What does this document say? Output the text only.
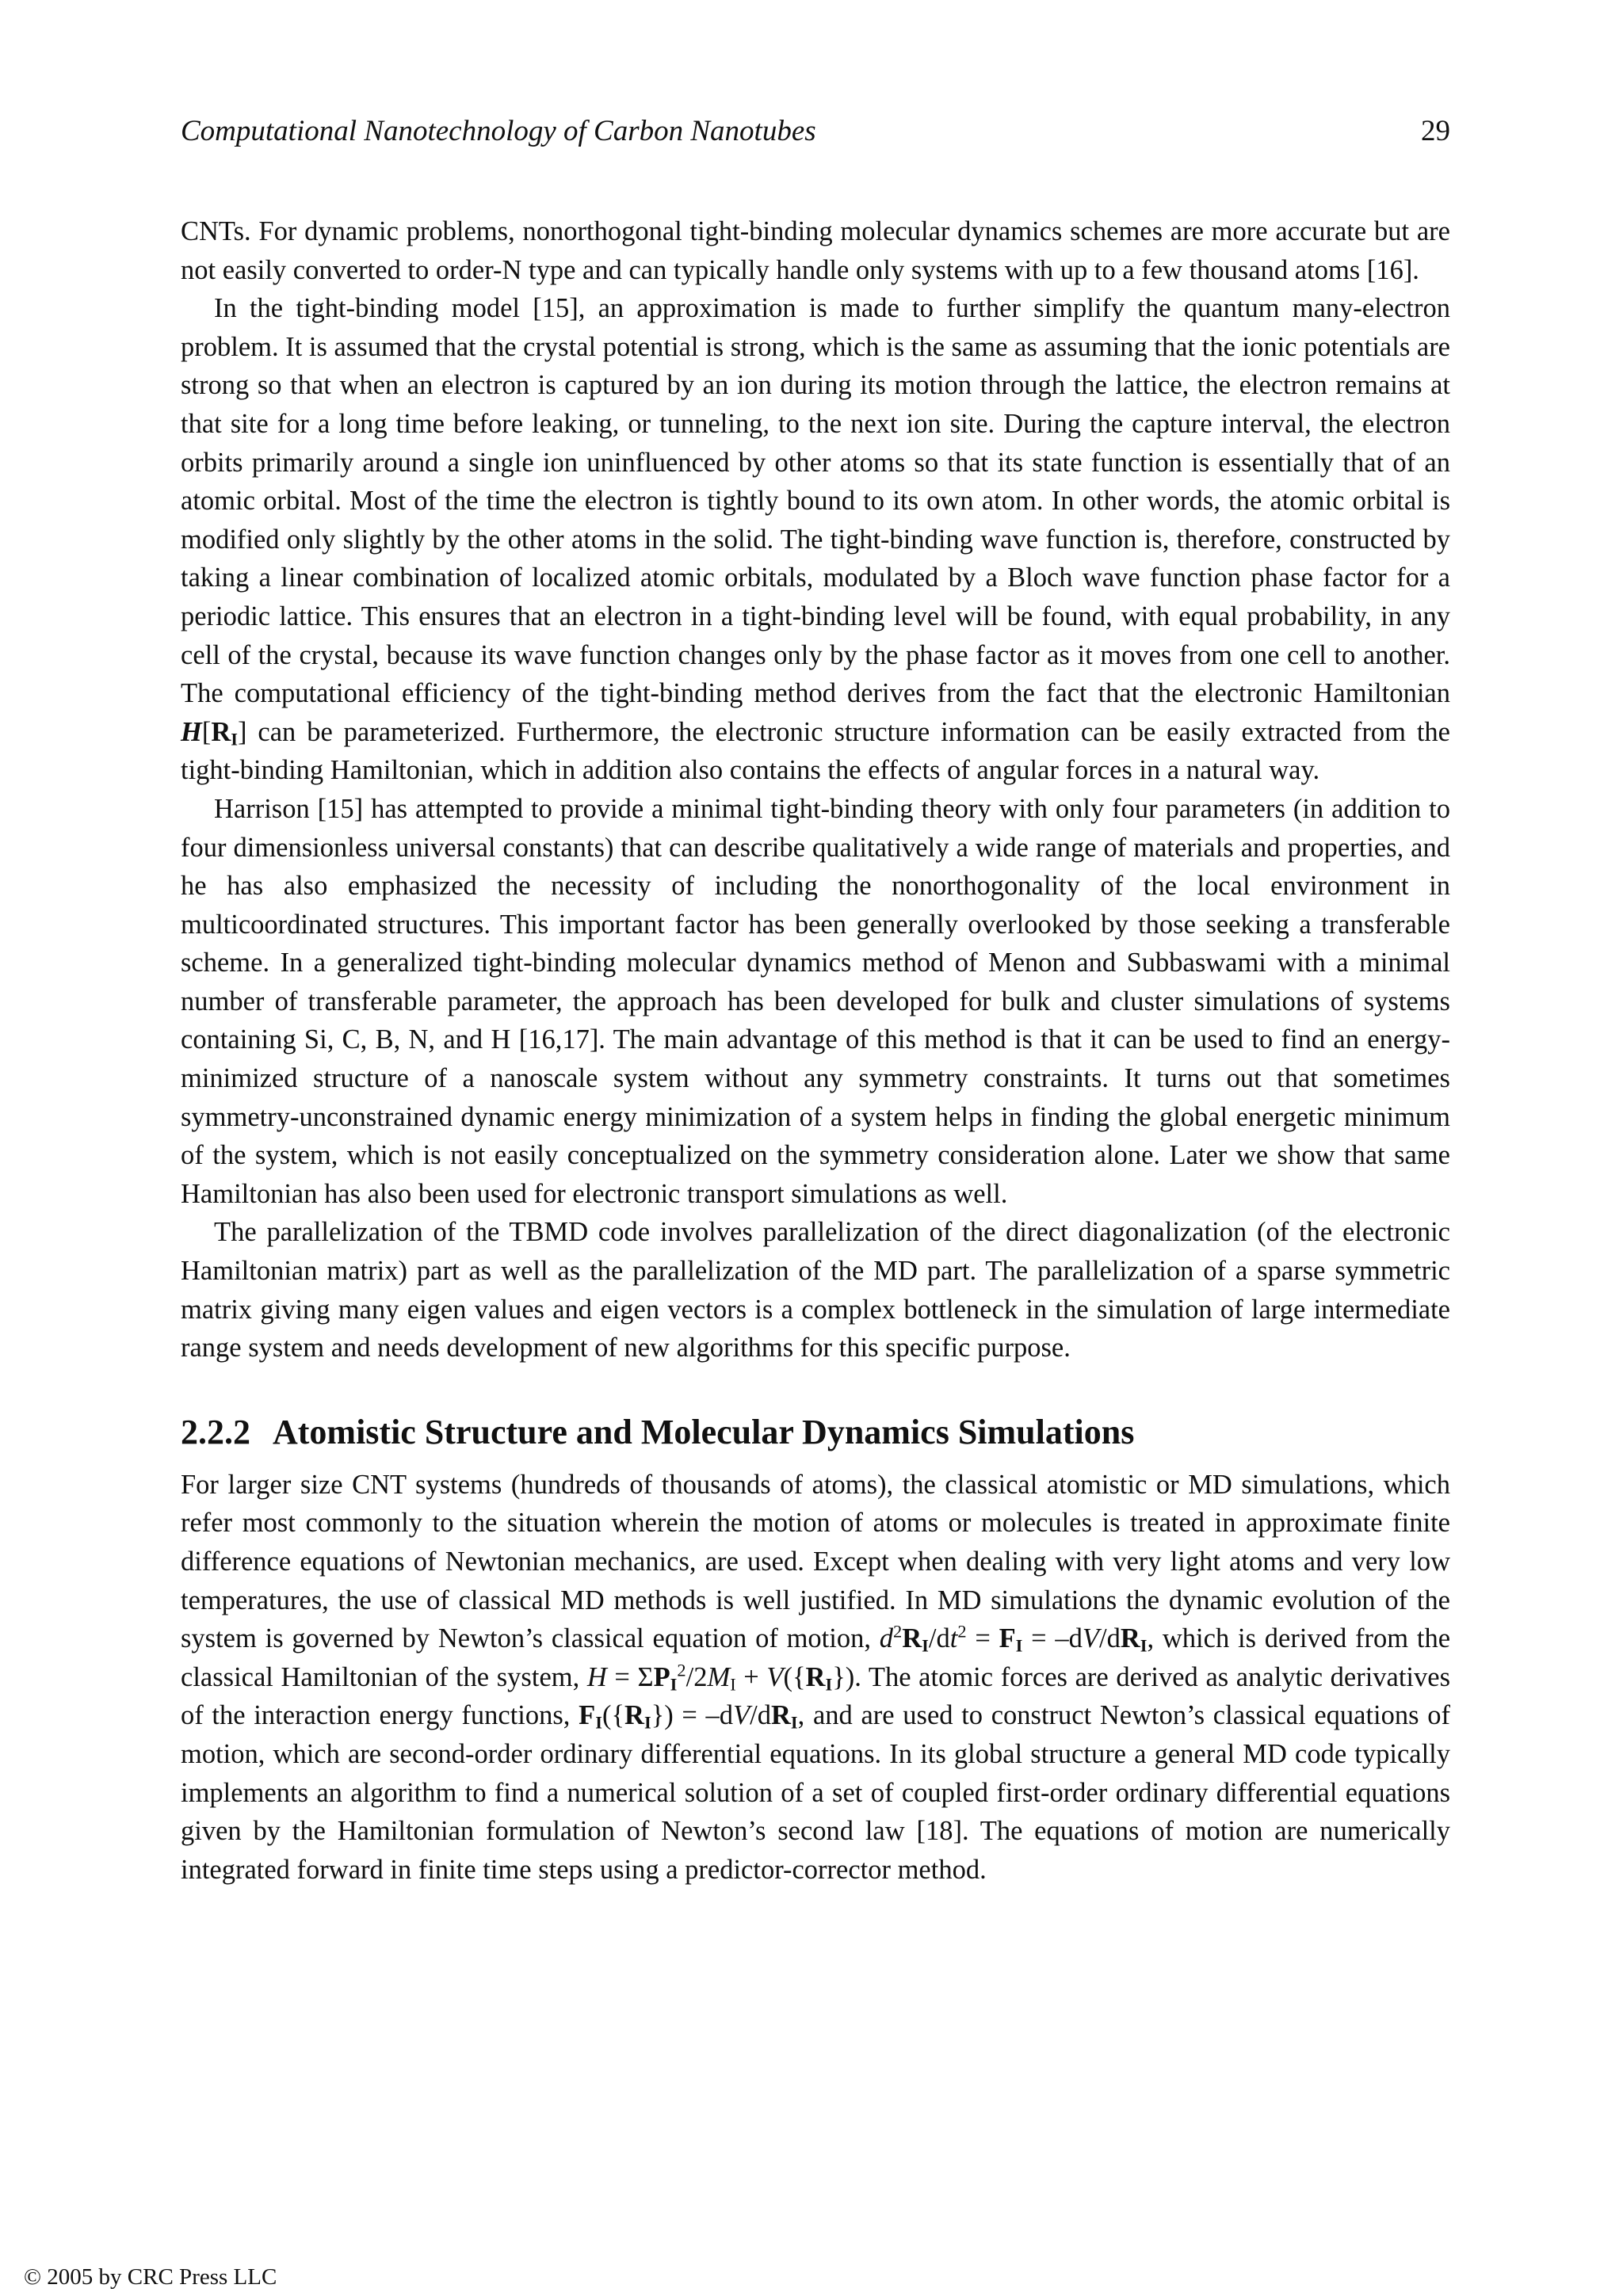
Computational Nanotechnology of Carbon Nanotubes	29

CNTs. For dynamic problems, nonorthogonal tight-binding molecular dynamics schemes are more accurate but are not easily converted to order-N type and can typically handle only systems with up to a few thousand atoms [16].

In the tight-binding model [15], an approximation is made to further simplify the quantum many-electron problem. It is assumed that the crystal potential is strong, which is the same as assuming that the ionic potentials are strong so that when an electron is captured by an ion during its motion through the lattice, the electron remains at that site for a long time before leaking, or tunneling, to the next ion site. During the capture interval, the electron orbits primarily around a single ion uninfluenced by other atoms so that its state function is essentially that of an atomic orbital. Most of the time the electron is tightly bound to its own atom. In other words, the atomic orbital is modified only slightly by the other atoms in the solid. The tight-binding wave function is, therefore, constructed by taking a linear combination of localized atomic orbitals, modulated by a Bloch wave function phase factor for a periodic lattice. This ensures that an electron in a tight-binding level will be found, with equal probability, in any cell of the crystal, because its wave function changes only by the phase factor as it moves from one cell to another. The computational efficiency of the tight-binding method derives from the fact that the electronic Hamiltonian $H[R_I]$ can be parameterized. Furthermore, the electronic structure information can be easily extracted from the tight-binding Hamiltonian, which in addition also contains the effects of angular forces in a natural way.

Harrison [15] has attempted to provide a minimal tight-binding theory with only four parameters (in addition to four dimensionless universal constants) that can describe qualitatively a wide range of materials and properties, and he has also emphasized the necessity of including the nonorthogonality of the local environment in multicoordinated structures. This important factor has been generally overlooked by those seeking a transferable scheme. In a generalized tight-binding molecular dynamics method of Menon and Subbaswami with a minimal number of transferable parameter, the approach has been developed for bulk and cluster simulations of systems containing Si, C, B, N, and H [16,17]. The main advantage of this method is that it can be used to find an energy-minimized structure of a nanoscale system without any symmetry constraints. It turns out that sometimes symmetry-unconstrained dynamic energy minimization of a system helps in finding the global energetic minimum of the system, which is not easily conceptualized on the symmetry consideration alone. Later we show that same Hamiltonian has also been used for electronic transport simulations as well.

The parallelization of the TBMD code involves parallelization of the direct diagonalization (of the electronic Hamiltonian matrix) part as well as the parallelization of the MD part. The parallelization of a sparse symmetric matrix giving many eigen values and eigen vectors is a complex bottleneck in the simulation of large intermediate range system and needs development of new algorithms for this specific purpose.

2.2.2 Atomistic Structure and Molecular Dynamics Simulations

For larger size CNT systems (hundreds of thousands of atoms), the classical atomistic or MD simulations, which refer most commonly to the situation wherein the motion of atoms or molecules is treated in approximate finite difference equations of Newtonian mechanics, are used. Except when dealing with very light atoms and very low temperatures, the use of classical MD methods is well justified. In MD simulations the dynamic evolution of the system is governed by Newton’s classical equation of motion, $d^2R_I/dt^2 = F_I = -dV/dR_I$, which is derived from the classical Hamiltonian of the system, $H = \Sigma P_I^2/2M_I + V(\{R_I\})$. The atomic forces are derived as analytic derivatives of the interaction energy functions, $F_I(\{R_I\}) = -dV/dR_I$, and are used to construct Newton’s classical equations of motion, which are second-order ordinary differential equations. In its global structure a general MD code typically implements an algorithm to find a numerical solution of a set of coupled first-order ordinary differential equations given by the Hamiltonian formulation of Newton’s second law [18]. The equations of motion are numerically integrated forward in finite time steps using a predictor-corrector method.

© 2005 by CRC Press LLC
